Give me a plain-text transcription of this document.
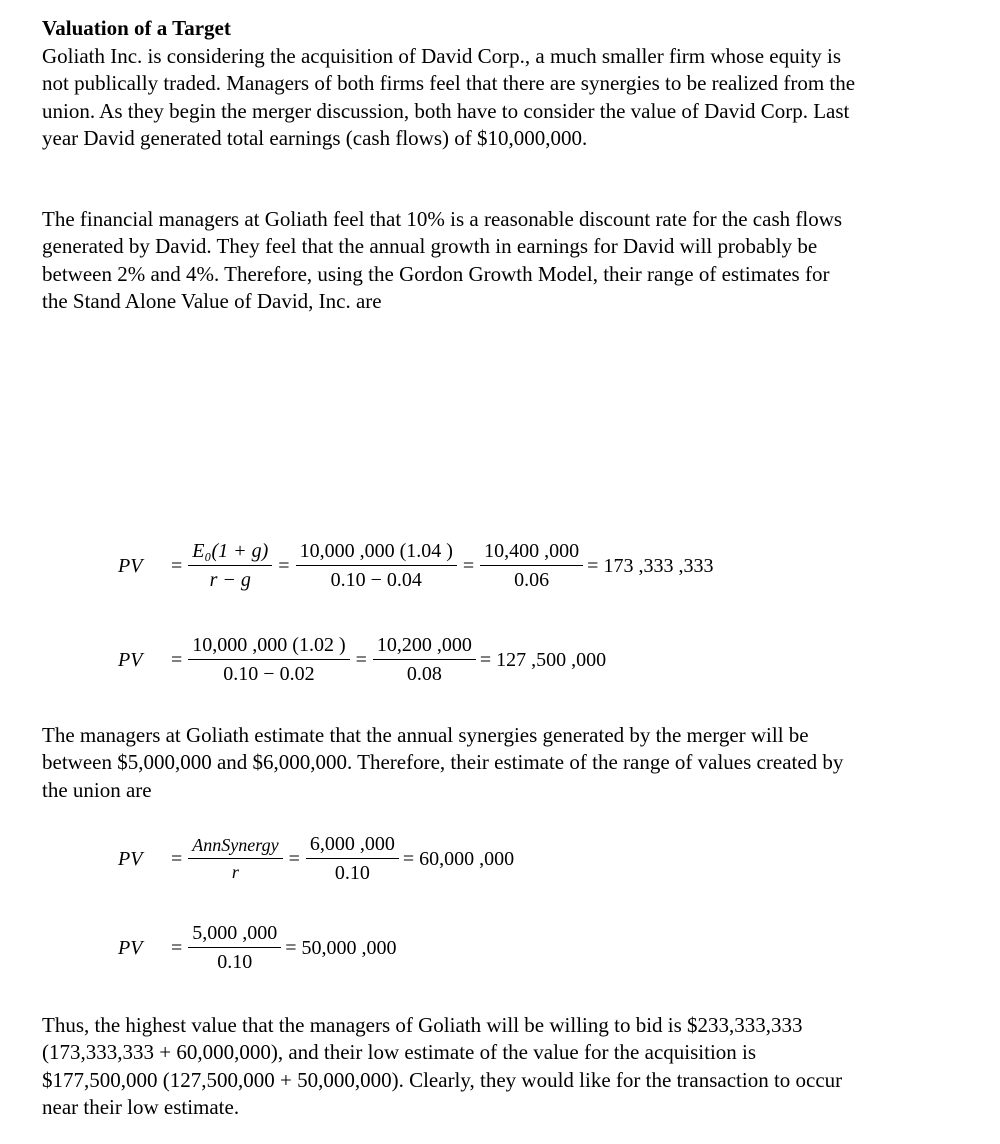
Valuation of a Target
Goliath Inc. is considering the acquisition of David Corp., a much smaller firm whose equity is
not publically traded. Managers of both firms feel that there are synergies to be realized from the
union. As they begin the merger discussion, both have to consider the value of David Corp. Last
year David generated total earnings (cash flows) of $10,000,000.
The financial managers at Goliath feel that 10% is a reasonable discount rate for the cash flows
generated by David. They feel that the annual growth in earnings for David will probably be
between 2% and 4%. Therefore, using the Gordon Growth Model, their range of estimates for
the Stand Alone Value of David, Inc. are
PV	= $\frac{\text{E₀(1 + g)}}{r - g} = \frac{10,000 ,000 (1.04 )}{0.10 - 0.04} = \frac{10,400 ,000}{0.06} = 173$ ,333 ,333
PV	= $\frac{10,000 ,000 (1.02 )}{0.10 - 0.02} = \frac{10,200 ,000}{0.08} = 127$ ,500 ,000
The managers at Goliath estimate that the annual synergies generated by the merger will be
between $5,000,000 and $6,000,000. Therefore, their estimate of the range of values created by
the union are
PV	= $\frac{\text{AnnSynergy}}{r} = \frac{6,000 ,000}{0.10} = 60,000$ ,000
PV	= $\frac{5,000 ,000}{0.10} = 50,000$ ,000
Thus, the highest value that the managers of Goliath will be willing to bid is $233,333,333
(173,333,333 + 60,000,000), and their low estimate of the value for the acquisition is
$177,500,000 (127,500,000 + 50,000,000). Clearly, they would like for the transaction to occur
near their low estimate.
